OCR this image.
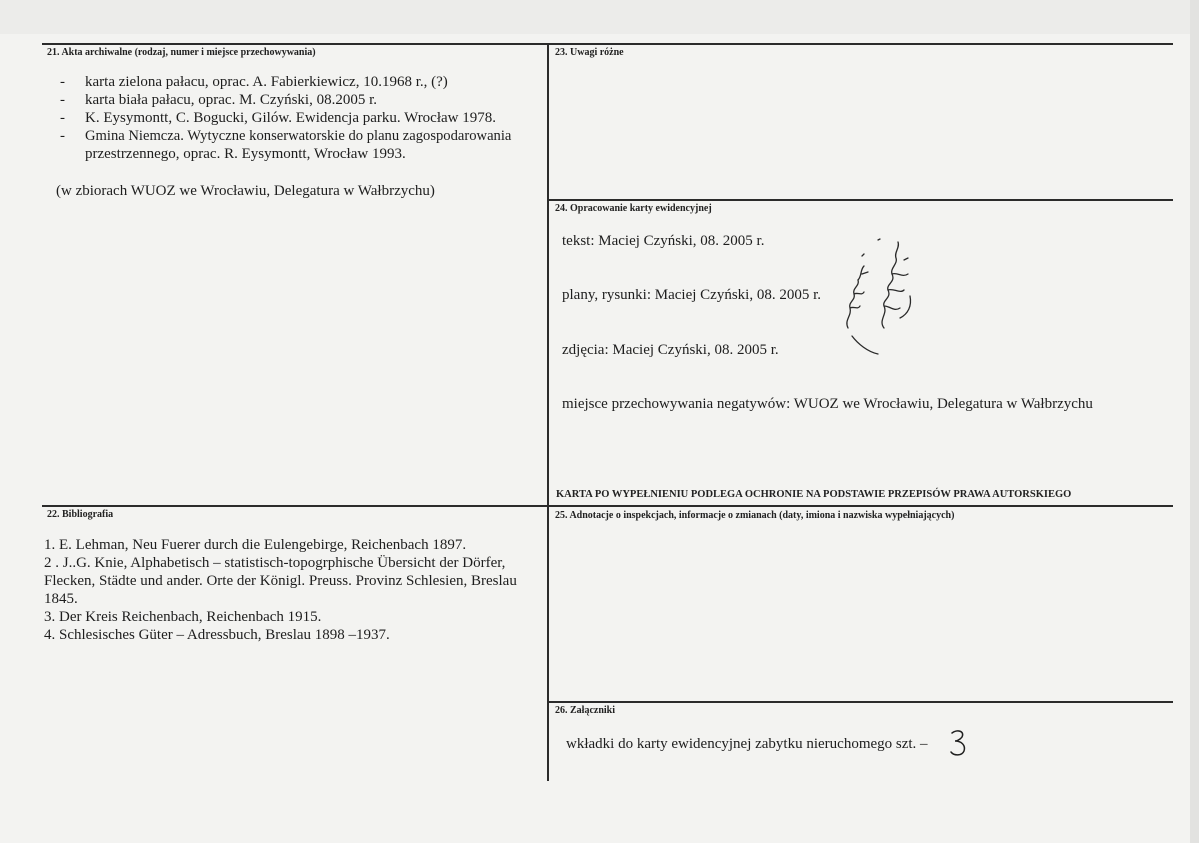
21. Akta archiwalne (rodzaj, numer i miejsce przechowywania)
- karta zielona pałacu, oprac. A. Fabierkiewicz, 10.1968 r., (?)
- karta biała pałacu, oprac. M. Czyński, 08.2005 r.
- K. Eysymontt, C. Bogucki, Gilów. Ewidencja parku. Wrocław 1978.
- Gmina Niemcza. Wytyczne konserwatorskie do planu zagospodarowania
przestrzennego, oprac. R. Eysymontt, Wrocław 1993.
(w zbiorach WUOZ we Wrocławiu, Delegatura w Wałbrzychu)
22. Bibliografia
1. E. Lehman, Neu Fuerer durch die Eulengebirge, Reichenbach 1897.
2 . J..G. Knie, Alphabetisch – statistisch-topogrphische Übersicht der Dörfer,
Flecken, Städte und ander. Orte der Königl. Preuss. Provinz Schlesien, Breslau
1845.
3. Der Kreis Reichenbach, Reichenbach 1915.
4. Schlesisches Güter – Adressbuch, Breslau 1898 –1937.
23. Uwagi różne
24. Opracowanie karty ewidencyjnej
tekst: Maciej Czyński, 08. 2005 r.
plany, rysunki: Maciej Czyński, 08. 2005 r.
zdjęcia: Maciej Czyński, 08. 2005 r.
miejsce przechowywania negatywów: WUOZ we Wrocławiu, Delegatura w Wałbrzychu
KARTA PO WYPEŁNIENIU PODLEGA OCHRONIE NA PODSTAWIE PRZEPISÓW PRAWA AUTORSKIEGO
25. Adnotacje o inspekcjach, informacje o zmianach (daty, imiona i nazwiska wypełniających)
26. Załączniki
wkładki do karty ewidencyjnej zabytku nieruchomego szt. –
